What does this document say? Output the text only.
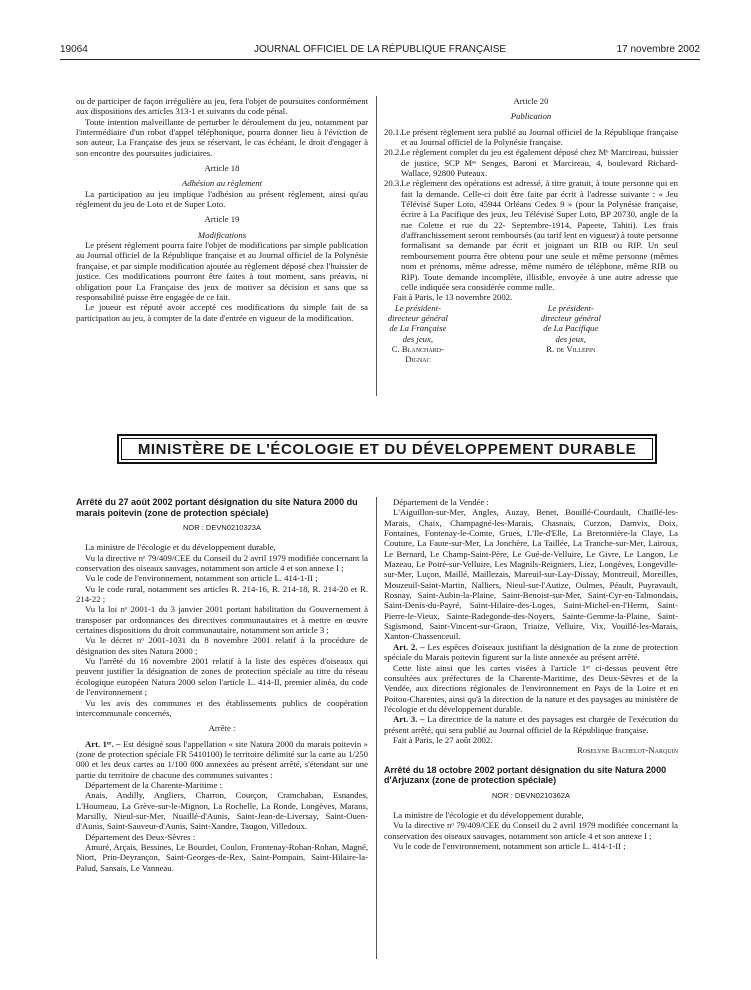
19064	JOURNAL OFFICIEL DE LA RÉPUBLIQUE FRANÇAISE	17 novembre 2002

ou de participer de façon irrégulière au jeu, fera l'objet de poursuites conformément aux dispositions des articles 313-1 et suivants du code pénal.

Toute intention malveillante de perturber le déroulement du jeu, notamment par l'intermédiaire d'un robot d'appel téléphonique, pourra donner lieu à l'éviction de son auteur, La Française des jeux se réservant, le cas échéant, le droit d'engager à son encontre des poursuites judiciaires.

Article 18

Adhésion au règlement

La participation au jeu implique l'adhésion au présent règlement, ainsi qu'au règlement du jeu de Loto et de Super Loto.

Article 19

Modifications

Le présent règlement pourra faire l'objet de modifications par simple publication au Journal officiel de la République française et au Journal officiel de la Polynésie française, et par simple modification ajoutée au règlement déposé chez l'huissier de justice. Ces modifications pourront être faites à tout moment, sans préavis, ni obligation pour La Française des jeux de motiver sa décision et sans que sa responsabilité puisse être engagée de ce fait.

Le joueur est réputé avoir accepté ces modifications du simple fait de sa participation au jeu, à compter de la date d'entrée en vigueur de la modification.

Article 20

Publication

20.1. Le présent règlement sera publié au Journal officiel de la République française et au Journal officiel de la Polynésie française.
20.2. Le règlement complet du jeu est également déposé chez Mᵉ Marcireau, huissier de justice, SCP Mᵉˢ Senges, Baroni et Marcireau, 4, boulevard Richard-Wallace, 92800 Puteaux.
20.3. Le règlement des opérations est adressé, à titre gratuit, à toute personne qui en fait la demande. Celle-ci doit être faite par écrit à l'adresse suivante : « Jeu Télévisé Super Loto, 45944 Orléans Cedex 9 » (pour la Polynésie française, écrire à La Pacifique des jeux, Jeu Télévisé Super Loto, BP 20730, angle de la rue Colette et rue du 22- Septembre-1914, Papeete, Tahiti). Les frais d'affranchissement seront remboursés (au tarif lent en vigueur) à toute personne formalisant sa demande par écrit et joignant un RIB ou RIP. Un seul remboursement pourra être obtenu pour une seule et même personne (mêmes nom et prénoms, même adresse, même numéro de téléphone, même RIB ou RIP). Toute demande incomplète, illisible, envoyée à une autre adresse que celle indiquée sera considérée comme nulle.

Fait à Paris, le 13 novembre 2002.

Le président-directeur général de La Française des jeux,
C. Blanchard-Dignac
Le président-directeur général de La Pacifique des jeux,
R. de Villepin
MINISTÈRE DE L'ÉCOLOGIE ET DU DÉVELOPPEMENT DURABLE

Arrêté du 27 août 2002 portant désignation du site Natura 2000 du marais poitevin (zone de protection spéciale)

NOR : DEVN0210323A

La ministre de l'écologie et du développement durable,

Vu la directive nᵒ 79/409/CEE du Conseil du 2 avril 1979 modifiée concernant la conservation des oiseaux sauvages, notamment son article 4 et son annexe I ;

Vu le code de l'environnement, notamment son article L. 414-1-II ;

Vu le code rural, notamment ses articles R. 214-16, R. 214-18, R. 214-20 et R. 214-22 ;

Vu la loi nᵒ 2001-1 du 3 janvier 2001 portant habilitation du Gouvernement à transposer par ordonnances des directives communautaires et à mettre en œuvre certaines dispositions du droit communautaire, notamment son article 3 ;

Vu le décret nᵒ 2001-1031 du 8 novembre 2001 relatif à la procédure de désignation des sites Natura 2000 ;

Vu l'arrêté du 16 novembre 2001 relatif à la liste des espèces d'oiseaux qui peuvent justifier la désignation de zones de protection spéciale au titre du réseau écologique européen Natura 2000 selon l'article L. 414-II, premier alinéa, du code de l'environnement ;

Vu les avis des communes et des établissements publics de coopération intercommunale concernés,

Arrête :

Art. 1ᵉʳ. – Est désigné sous l'appellation « site Natura 2000 du marais poitevin » (zone de protection spéciale FR 5410100) le territoire délimité sur la carte au 1/250 000 et les deux cartes au 1/100 000 annexées au présent arrêté, s'étendant sur une partie du territoire de chacune des communes suivantes :

Département de la Charente-Maritime :

Anais, Andilly, Angliers, Charron, Courçon, Cramchaban, Esnandes, L'Houmeau, La Grève-sur-le-Mignon, La Rochelle, La Ronde, Longèves, Marans, Marsilly, Nieul-sur-Mer, Nuaillé-d'Aunis, Saint-Jean-de-Liversay, Saint-Ouen-d'Aunis, Saint-Sauveur-d'Aunis, Saint-Xandre, Taugon, Villedoux.

Département des Deux-Sèvres :

Amuré, Arçais, Bessines, Le Bourdet, Coulon, Frontenay-Rohan-Rohan, Magné, Niort, Prin-Deyrançon, Saint-Georges-de-Rex, Saint-Pompain, Saint-Hilaire-la-Palud, Sansais, Le Vanneau.

Département de la Vendée :

L'Aiguillon-sur-Mer, Angles, Auzay, Benet, Bouillé-Courdault, Chaillé-les-Marais, Chaix, Champagné-les-Marais, Chasnais, Curzon, Damvix, Doix, Fontaines, Fontenay-le-Comte, Grues, L'Ile-d'Elle, La Bretonnière-la Claye, La Couture, La Faute-sur-Mer, La Jonchère, La Taillée, La Tranche-sur-Mer, Lairoux, Le Bernard, Le Champ-Saint-Père, Le Gué-de-Velluire, Le Givre, Le Langon, Le Mazeau, Le Poiré-sur-Velluire, Les Magnils-Reigniers, Liez, Longèves, Longeville-sur-Mer, Luçon, Maillé, Maillezais, Mareuil-sur-Lay-Dissay, Montreuil, Moreilles, Mouzeuil-Saint-Martin, Nalliers, Nieul-sur-l'Autize, Oulmes, Péault, Puyravault, Rosnay, Saint-Aubin-la-Plaine, Saint-Benoist-sur-Mer, Saint-Cyr-en-Talmondais, Saint-Denis-du-Payré, Saint-Hilaire-des-Loges, Saint-Michel-en-l'Herm, Saint-Pierre-le-Vieux, Sainte-Radegonde-des-Noyers, Sainte-Gemme-la-Plaine, Saint-Sigismond, Saint-Vincent-sur-Graon, Triaize, Velluire, Vix, Vouillé-les-Marais, Xanton-Chassenceuil.

Art. 2. – Les espèces d'oiseaux justifiant la désignation de la zone de protection spéciale du Marais poitevin figurent sur la liste annexée au présent arrêté.

Cette liste ainsi que les cartes visées à l'article 1ᵉʳ ci-dessus peuvent être consultées aux préfectures de la Charente-Maritime, des Deux-Sèvres et de la Vendée, aux directions régionales de l'environnement en Pays de la Loire et en Poitou-Charentes, ainsi qu'à la direction de la nature et des paysages au ministère de l'écologie et du développement durable.

Art. 3. – La directrice de la nature et des paysages est chargée de l'exécution du présent arrêté, qui sera publié au Journal officiel de la République française.

Fait à Paris, le 27 août 2002.

Roselyne Bachelot-Narquin

Arrêté du 18 octobre 2002 portant désignation du site Natura 2000 d'Arjuzanx (zone de protection spéciale)

NOR : DEVN0210362A

La ministre de l'écologie et du développement durable,

Vu la directive nᵒ 79/409/CEE du Conseil du 2 avril 1979 modifiée concernant la conservation des oiseaux sauvages, notamment son article 4 et son annexe I ;

Vu le code de l'environnement, notamment son article L. 414-1-II ;
